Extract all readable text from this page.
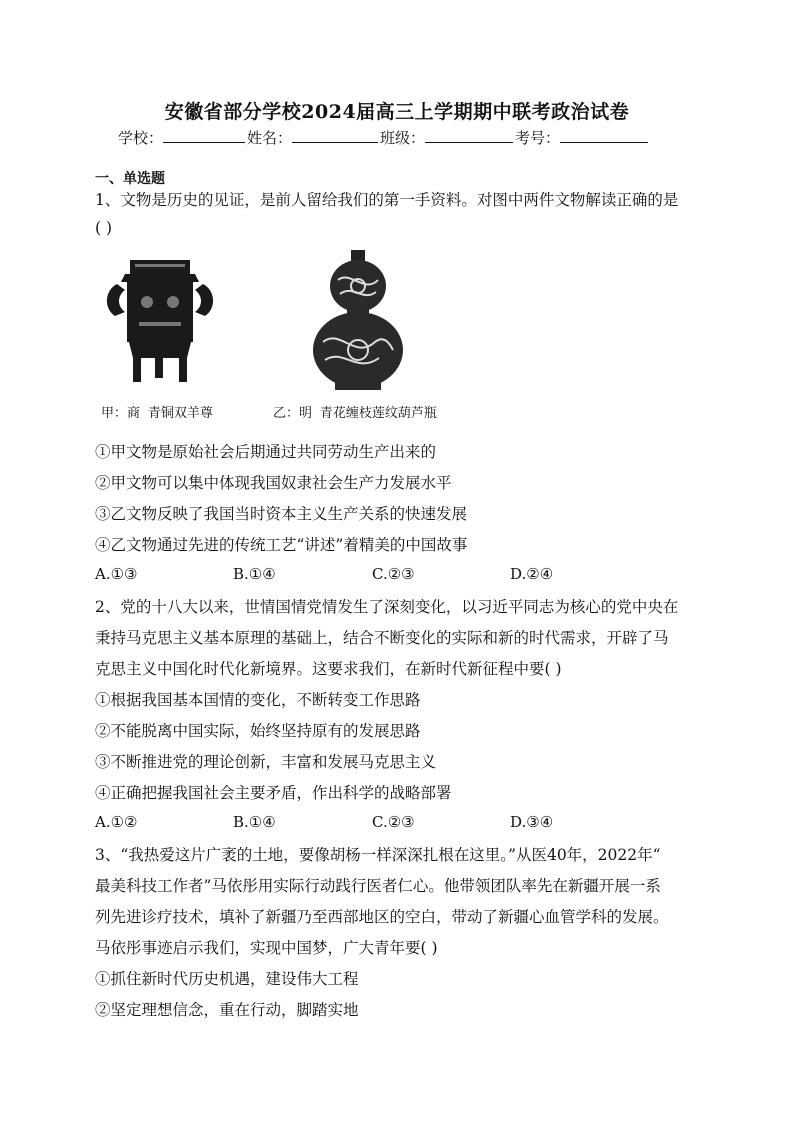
安徽省部分学校2024届高三上学期期中联考政治试卷
学校：	姓名：	班级：	考号：
一、单选题
1、文物是历史的见证，是前人留给我们的第一手资料。对图中两件文物解读正确的是
( )
甲：商 青铜双羊尊	乙：明 青花缠枝莲纹葫芦瓶
①甲文物是原始社会后期通过共同劳动生产出来的
②甲文物可以集中体现我国奴隶社会生产力发展水平
③乙文物反映了我国当时资本主义生产关系的快速发展
④乙文物通过先进的传统工艺“讲述”着精美的中国故事
A.①③	B.①④	C.②③	D.②④
2、党的十八大以来，世情国情党情发生了深刻变化，以习近平同志为核心的党中央在
秉持马克思主义基本原理的基础上，结合不断变化的实际和新的时代需求，开辟了马
克思主义中国化时代化新境界。这要求我们，在新时代新征程中要( )
①根据我国基本国情的变化，不断转变工作思路
②不能脱离中国实际，始终坚持原有的发展思路
③不断推进党的理论创新，丰富和发展马克思主义
④正确把握我国社会主要矛盾，作出科学的战略部署
A.①②	B.①④	C.②③	D.③④
3、“我热爱这片广袤的土地，要像胡杨一样深深扎根在这里。”从医40年，2022年“
最美科技工作者”马依彤用实际行动践行医者仁心。他带领团队率先在新疆开展一系
列先进诊疗技术，填补了新疆乃至西部地区的空白，带动了新疆心血管学科的发展。
马依彤事迹启示我们，实现中国梦，广大青年要( )
①抓住新时代历史机遇，建设伟大工程
②坚定理想信念，重在行动，脚踏实地
